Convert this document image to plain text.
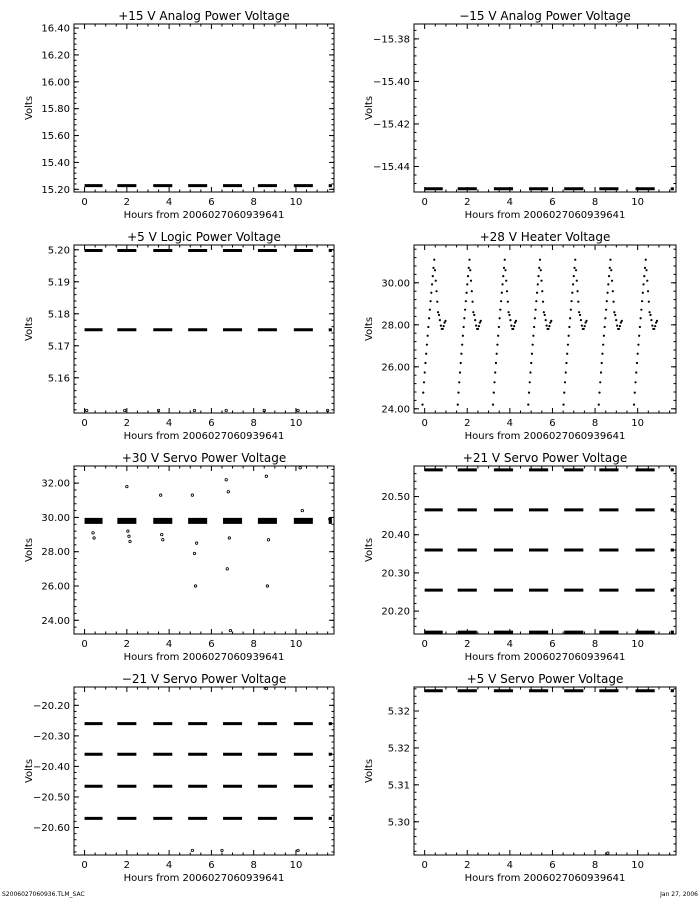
+15 V Analog Power Voltage
Hours from 2006027060939641
Volts
0	2	4	6	8	10
15.20
15.40
15.60
15.80
16.00
16.20
16.40
−15 V Analog Power Voltage
Hours from 2006027060939641
Volts
0	2	4	6	8	10
−15.44
−15.42
−15.40
−15.38
+5 V Logic Power Voltage
Hours from 2006027060939641
Volts
0	2	4	6	8	10
5.16
5.17
5.18
5.19
5.20
+28 V Heater Voltage
Hours from 2006027060939641
Volts
0	2	4	6	8	10
24.00
26.00
28.00
30.00
+30 V Servo Power Voltage
Hours from 2006027060939641
Volts
0	2	4	6	8	10
24.00
26.00
28.00
30.00
32.00
+21 V Servo Power Voltage
Hours from 2006027060939641
Volts
0	2	4	6	8	10
20.20
20.30
20.40
20.50
−21 V Servo Power Voltage
Hours from 2006027060939641
Volts
0	2	4	6	8	10
−20.60
−20.50
−20.40
−20.30
−20.20
+5 V Servo Power Voltage
Hours from 2006027060939641
Volts
0	2	4	6	8	10
5.30
5.31
5.32
5.32
S2006027060936.TLM_SAC	Jan 27, 2006
